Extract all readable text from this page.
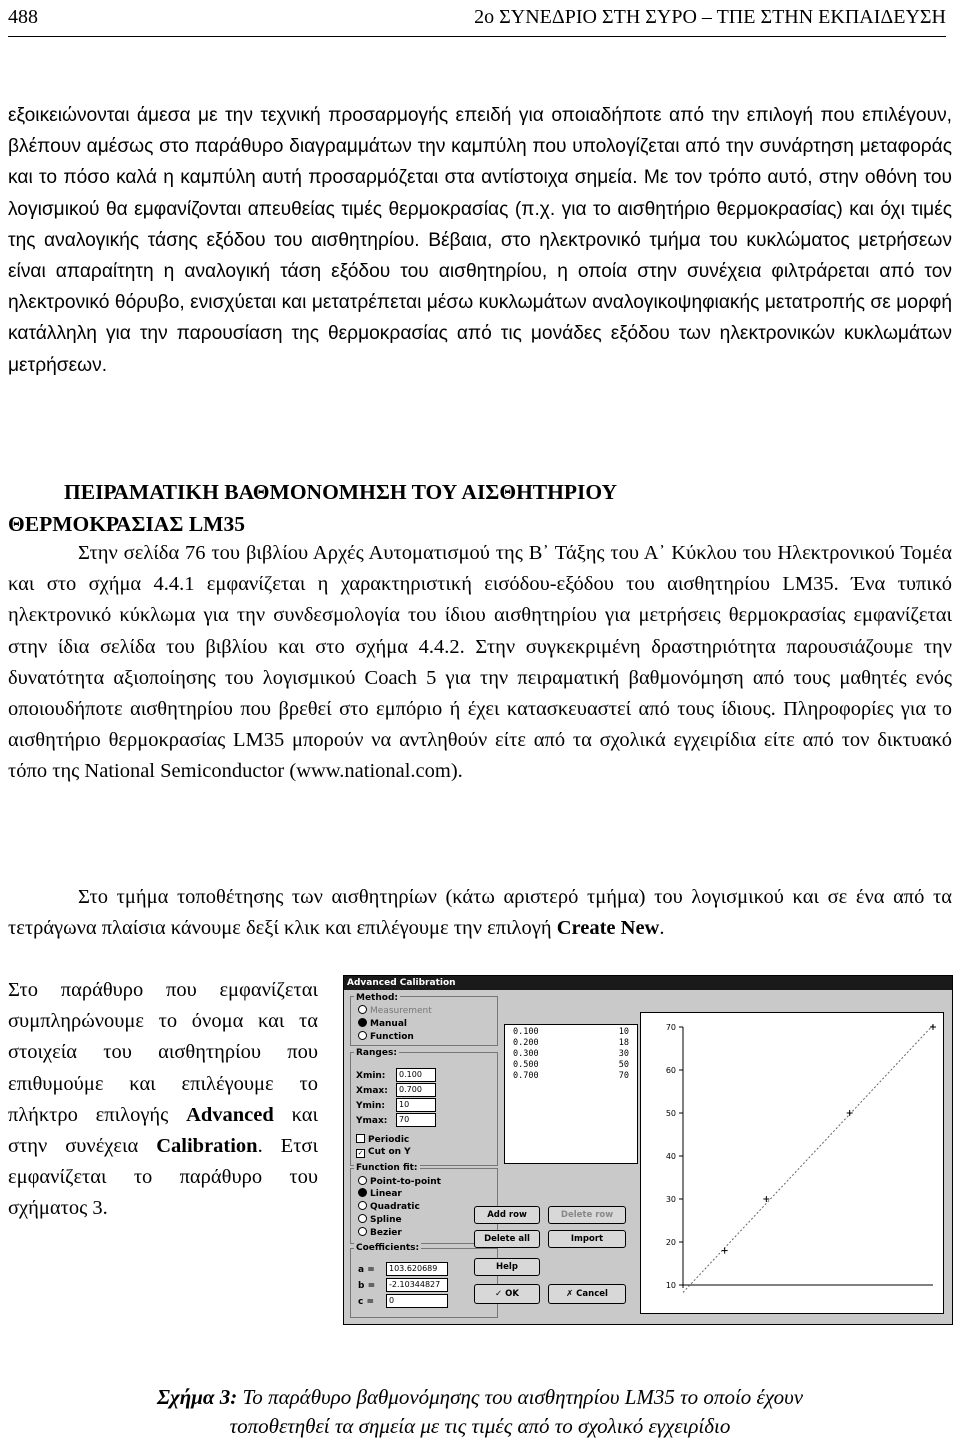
488	2ο ΣΥΝΕΔΡΙΟ ΣΤΗ ΣΥΡΟ – ΤΠΕ ΣΤΗΝ ΕΚΠΑΙΔΕΥΣΗ
εξοικειώνονται άμεσα με την τεχνική προσαρμογής επειδή για οποιαδήποτε από την επιλογή που επιλέγουν, βλέπουν αμέσως στο παράθυρο διαγραμμάτων την καμπύλη που υπολογίζεται από την συνάρτηση μεταφοράς και το πόσο καλά η καμπύλη αυτή προσαρμόζεται στα αντίστοιχα σημεία. Με τον τρόπο αυτό, στην οθόνη του λογισμικού θα εμφανίζονται απευθείας τιμές θερμοκρασίας (π.χ. για το αισθητήριο θερμοκρασίας) και όχι τιμές της αναλογικής τάσης εξόδου του αισθητηρίου. Βέβαια, στο ηλεκτρονικό τμήμα του κυκλώματος μετρήσεων είναι απαραίτητη η αναλογική τάση εξόδου του αισθητηρίου, η οποία στην συνέχεια φιλτράρεται από τον ηλεκτρονικό θόρυβο, ενισχύεται και μετατρέπεται μέσω κυκλωμάτων αναλογικοψηφιακής μετατροπής σε μορφή κατάλληλη για την παρουσίαση της θερμοκρασίας από τις μονάδες εξόδου των ηλεκτρονικών κυκλωμάτων μετρήσεων.
ΠΕΙΡΑΜΑΤΙΚΗ ΒΑΘΜΟΝΟΜΗΣΗ ΤΟΥ ΑΙΣΘΗΤΗΡΙΟΥ
ΘΕΡΜΟΚΡΑΣΙΑΣ LM35
Στην σελίδα 76 του βιβλίου Αρχές Αυτοματισμού της Β᾽ Τάξης του Α᾽ Κύκλου του Ηλεκτρονικού Τομέα και στο σχήμα 4.4.1 εμφανίζεται η χαρακτηριστική εισόδου-εξόδου του αισθητηρίου LM35. Ένα τυπικό ηλεκτρονικό κύκλωμα για την συνδεσμολογία του ίδιου αισθητηρίου για μετρήσεις θερμοκρασίας εμφανίζεται στην ίδια σελίδα του βιβλίου και στο σχήμα 4.4.2. Στην συγκεκριμένη δραστηριότητα παρουσιάζουμε την δυνατότητα αξιοποίησης του λογισμικού Coach 5 για την πειραματική βαθμονόμηση από τους μαθητές ενός οποιουδήποτε αισθητηρίου που βρεθεί στο εμπόριο ή έχει κατασκευαστεί από τους ίδιους. Πληροφορίες για το αισθητήριο θερμοκρασίας LM35 μπορούν να αντληθούν είτε από τα σχολικά εγχειρίδια είτε από τον δικτυακό τόπο της National Semiconductor (www.national.com).
Στο τμήμα τοποθέτησης των αισθητηρίων (κάτω αριστερό τμήμα) του λογισμικού και σε ένα από τα τετράγωνα πλαίσια κάνουμε δεξί κλικ και επιλέγουμε την επιλογή Create New.
Στο παράθυρο που εμφανίζεται συμπληρώνουμε το όνομα και τα στοιχεία του αισθητηρίου που επιθυμούμε και επιλέγουμε το πλήκτρο επιλογής Advanced και στην συνέχεια Calibration. Ετσι εμφανίζεται το παράθυρο του σχήματος 3.
Advanced Calibration
Method:
Measurement
Manual
Function
Ranges:
Xmin:	0.100
Xmax:	0.700
Ymin:	10
Ymax:	70
Periodic
✓ Cut on Y
Function fit:
Point-to-point
Linear
Quadratic
Spline
Bezier
Coefficients:
a =	103.620689
b =	-2.10344827
c =	0
0.100	10
0.200	18
0.300	30
0.500	50
0.700	70
Add row	Delete row
Delete all	Import
Help
✓ OK	✗ Cancel
10
20
30
40
50
60
70
Σχήμα 3: Το παράθυρο βαθμονόμησης του αισθητηρίου LM35 το οποίο έχουν
τοποθετηθεί τα σημεία με τις τιμές από το σχολικό εγχειρίδιο
